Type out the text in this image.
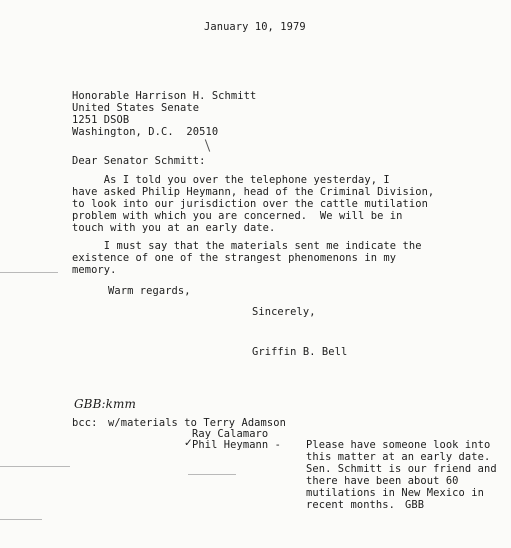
January 10, 1979
Honorable Harrison H. Schmitt
United States Senate
1251 DSOB
Washington, D.C.  20510
Dear Senator Schmitt:
As I told you over the telephone yesterday, I
have asked Philip Heymann, head of the Criminal Division,
to look into our jurisdiction over the cattle mutilation
problem with which you are concerned.  We will be in
touch with you at an early date.
I must say that the materials sent me indicate the
existence of one of the strangest phenomenons in my
memory.
Warm regards,
Sincerely,
Griffin B. Bell
GBB:kmm
bcc: w/materials to Terry Adamson
Ray Calamaro
✓ Phil Heymann - Please have someone look into
this matter at an early date.
Sen. Schmitt is our friend and
there have been about 60
mutilations in New Mexico in
recent months. GBB
